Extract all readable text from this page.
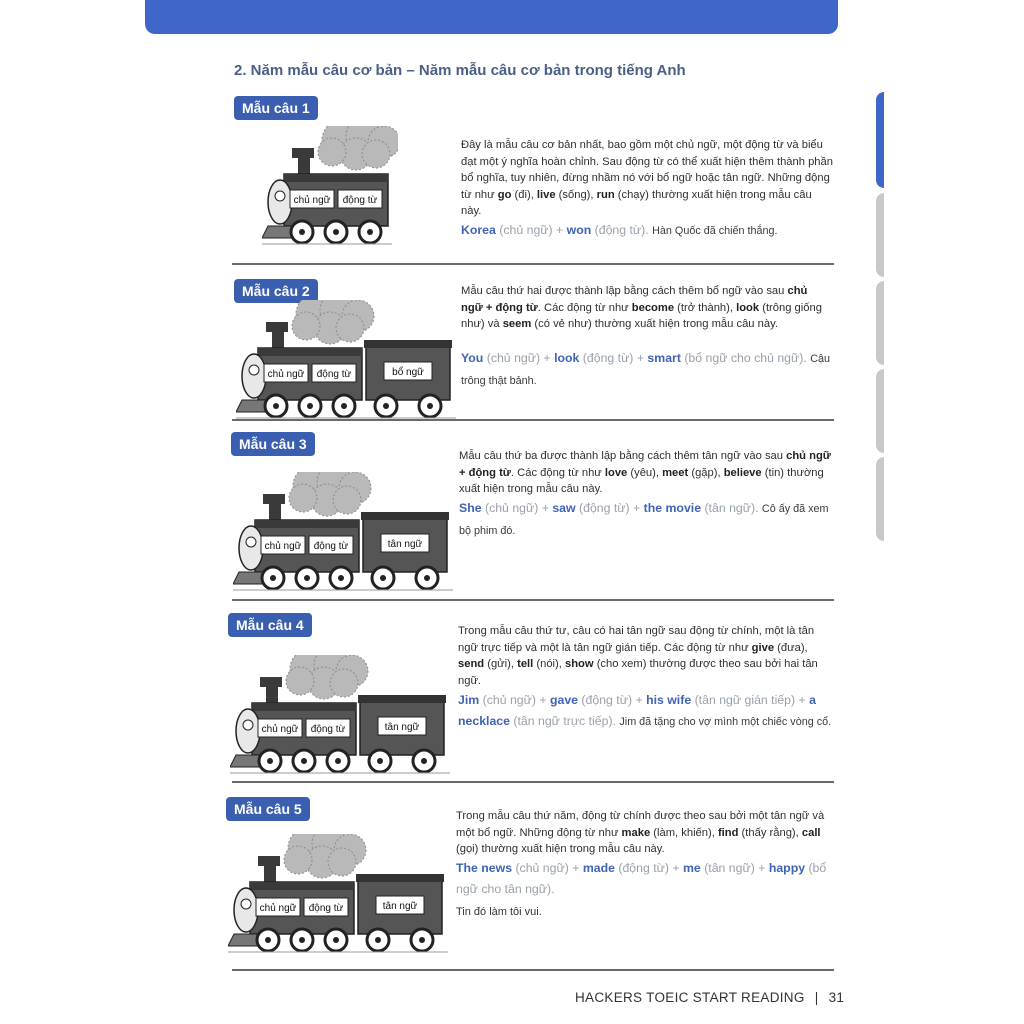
2. Năm mẫu câu cơ bản – Năm mẫu câu cơ bản trong tiếng Anh
Mẫu câu 1
chủ ngữ động từ
Đây là mẫu câu cơ bản nhất, bao gồm một chủ ngữ, một động từ và biểu đạt một ý nghĩa hoàn chỉnh. Sau động từ có thể xuất hiện thêm thành phần bổ nghĩa, tuy nhiên, đừng nhầm nó với bổ ngữ hoặc tân ngữ. Những động từ như go (đi), live (sống), run (chạy) thường xuất hiện trong mẫu câu này.
Korea (chủ ngữ) + won (động từ). Hàn Quốc đã chiến thắng.
Mẫu câu 2
chủ ngữ động từ	bổ ngữ
Mẫu câu thứ hai được thành lập bằng cách thêm bổ ngữ vào sau chủ ngữ + động từ. Các động từ như become (trở thành), look (trông giống như) và seem (có vẻ như) thường xuất hiện trong mẫu câu này.
You (chủ ngữ) + look (động từ) + smart (bổ ngữ cho chủ ngữ). Cậu trông thật bảnh.
Mẫu câu 3
chủ ngữ động từ	tân ngữ
Mẫu câu thứ ba được thành lập bằng cách thêm tân ngữ vào sau chủ ngữ + động từ. Các động từ như love (yêu), meet (gặp), believe (tin) thường xuất hiện trong mẫu câu này.
She (chủ ngữ) + saw (động từ) + the movie (tân ngữ). Cô ấy đã xem bộ phim đó.
Mẫu câu 4
chủ ngữ động từ	tân ngữ
Trong mẫu câu thứ tư, câu có hai tân ngữ sau động từ chính, một là tân ngữ trực tiếp và một là tân ngữ gián tiếp. Các động từ như give (đưa), send (gửi), tell (nói), show (cho xem) thường được theo sau bởi hai tân ngữ.
Jim (chủ ngữ) + gave (động từ) + his wife (tân ngữ gián tiếp) + a necklace (tân ngữ trực tiếp). Jim đã tặng cho vợ mình một chiếc vòng cổ.
Mẫu câu 5
chủ ngữ động từ	tân ngữ
Trong mẫu câu thứ năm, động từ chính được theo sau bởi một tân ngữ và một bổ ngữ. Những động từ như make (làm, khiến), find (thấy rằng), call (gọi) thường xuất hiện trong mẫu câu này.
The news (chủ ngữ) + made (động từ) + me (tân ngữ) + happy (bổ ngữ cho tân ngữ).
Tin đó làm tôi vui.
HACKERS TOEIC START READING | 31
